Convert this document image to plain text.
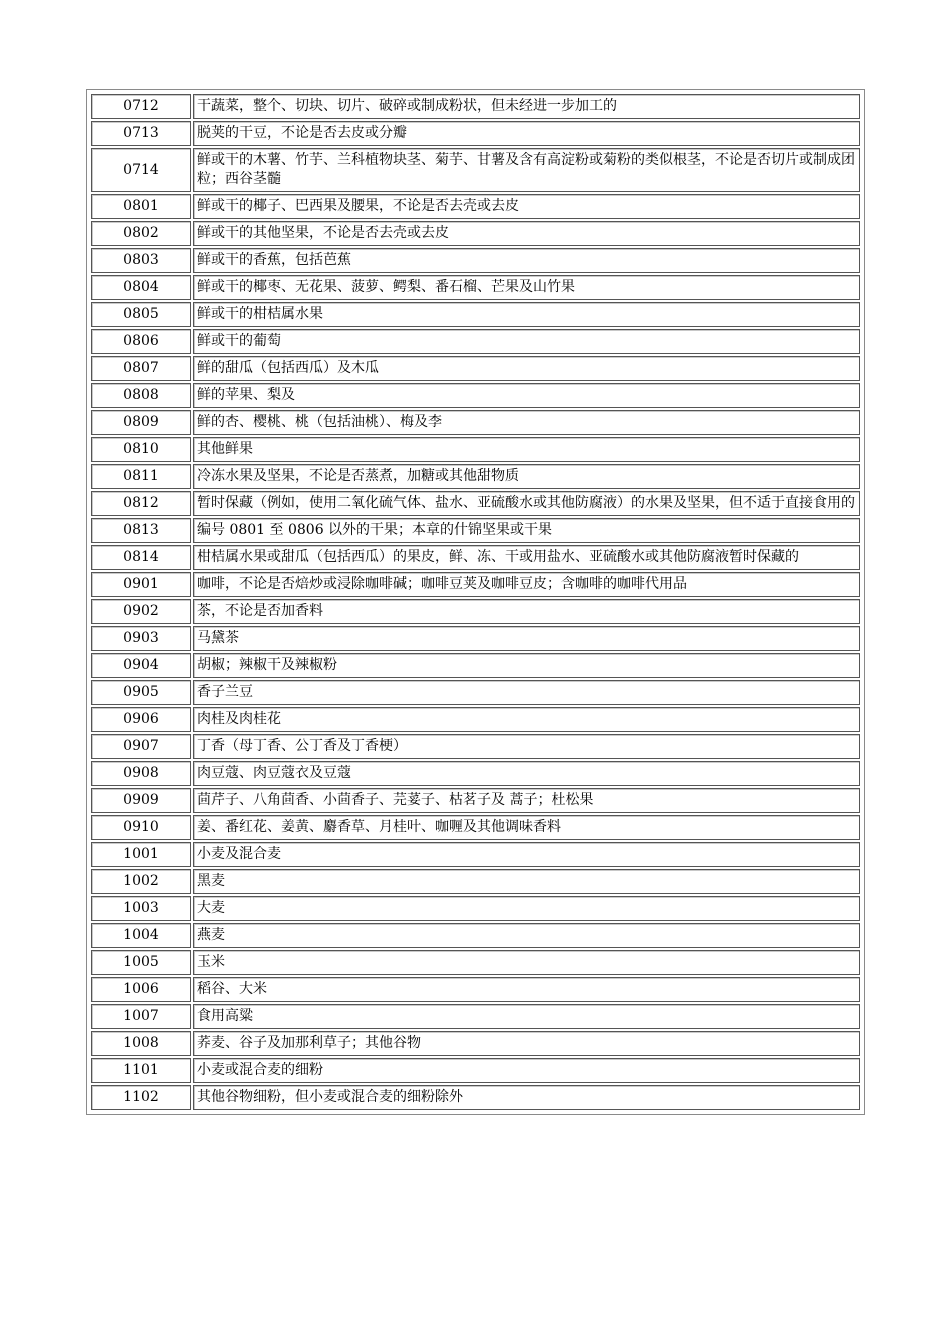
0712	干蔬菜，整个、切块、切片、破碎或制成粉状，但未经进一步加工的
0713	脱荚的干豆，不论是否去皮或分瓣
0714	鲜或干的木薯、竹芋、兰科植物块茎、菊芋、甘薯及含有高淀粉或菊粉的类似根茎，不论是否切片或制成团粒；西谷茎髓
0801	鲜或干的椰子、巴西果及腰果，不论是否去壳或去皮
0802	鲜或干的其他坚果，不论是否去壳或去皮
0803	鲜或干的香蕉，包括芭蕉
0804	鲜或干的椰枣、无花果、菠萝、鳄梨、番石榴、芒果及山竹果
0805	鲜或干的柑桔属水果
0806	鲜或干的葡萄
0807	鲜的甜瓜（包括西瓜）及木瓜
0808	鲜的苹果、梨及
0809	鲜的杏、樱桃、桃（包括油桃）、梅及李
0810	其他鲜果
0811	冷冻水果及坚果，不论是否蒸煮，加糖或其他甜物质
0812	暂时保藏（例如，使用二氧化硫气体、盐水、亚硫酸水或其他防腐液）的水果及坚果，但不适于直接食用的
0813	编号 0801 至 0806 以外的干果；本章的什锦坚果或干果
0814	柑桔属水果或甜瓜（包括西瓜）的果皮，鲜、冻、干或用盐水、亚硫酸水或其他防腐液暂时保藏的
0901	咖啡，不论是否焙炒或浸除咖啡碱；咖啡豆荚及咖啡豆皮；含咖啡的咖啡代用品
0902	茶，不论是否加香料
0903	马黛茶
0904	胡椒；辣椒干及辣椒粉
0905	香子兰豆
0906	肉桂及肉桂花
0907	丁香（母丁香、公丁香及丁香梗）
0908	肉豆蔻、肉豆蔻衣及豆蔻
0909	茴芹子、八角茴香、小茴香子、芫荽子、枯茗子及 蒿子；杜松果
0910	姜、番红花、姜黄、麝香草、月桂叶、咖喱及其他调味香料
1001	小麦及混合麦
1002	黑麦
1003	大麦
1004	燕麦
1005	玉米
1006	稻谷、大米
1007	食用高粱
1008	荞麦、谷子及加那利草子；其他谷物
1101	小麦或混合麦的细粉
1102	其他谷物细粉，但小麦或混合麦的细粉除外
